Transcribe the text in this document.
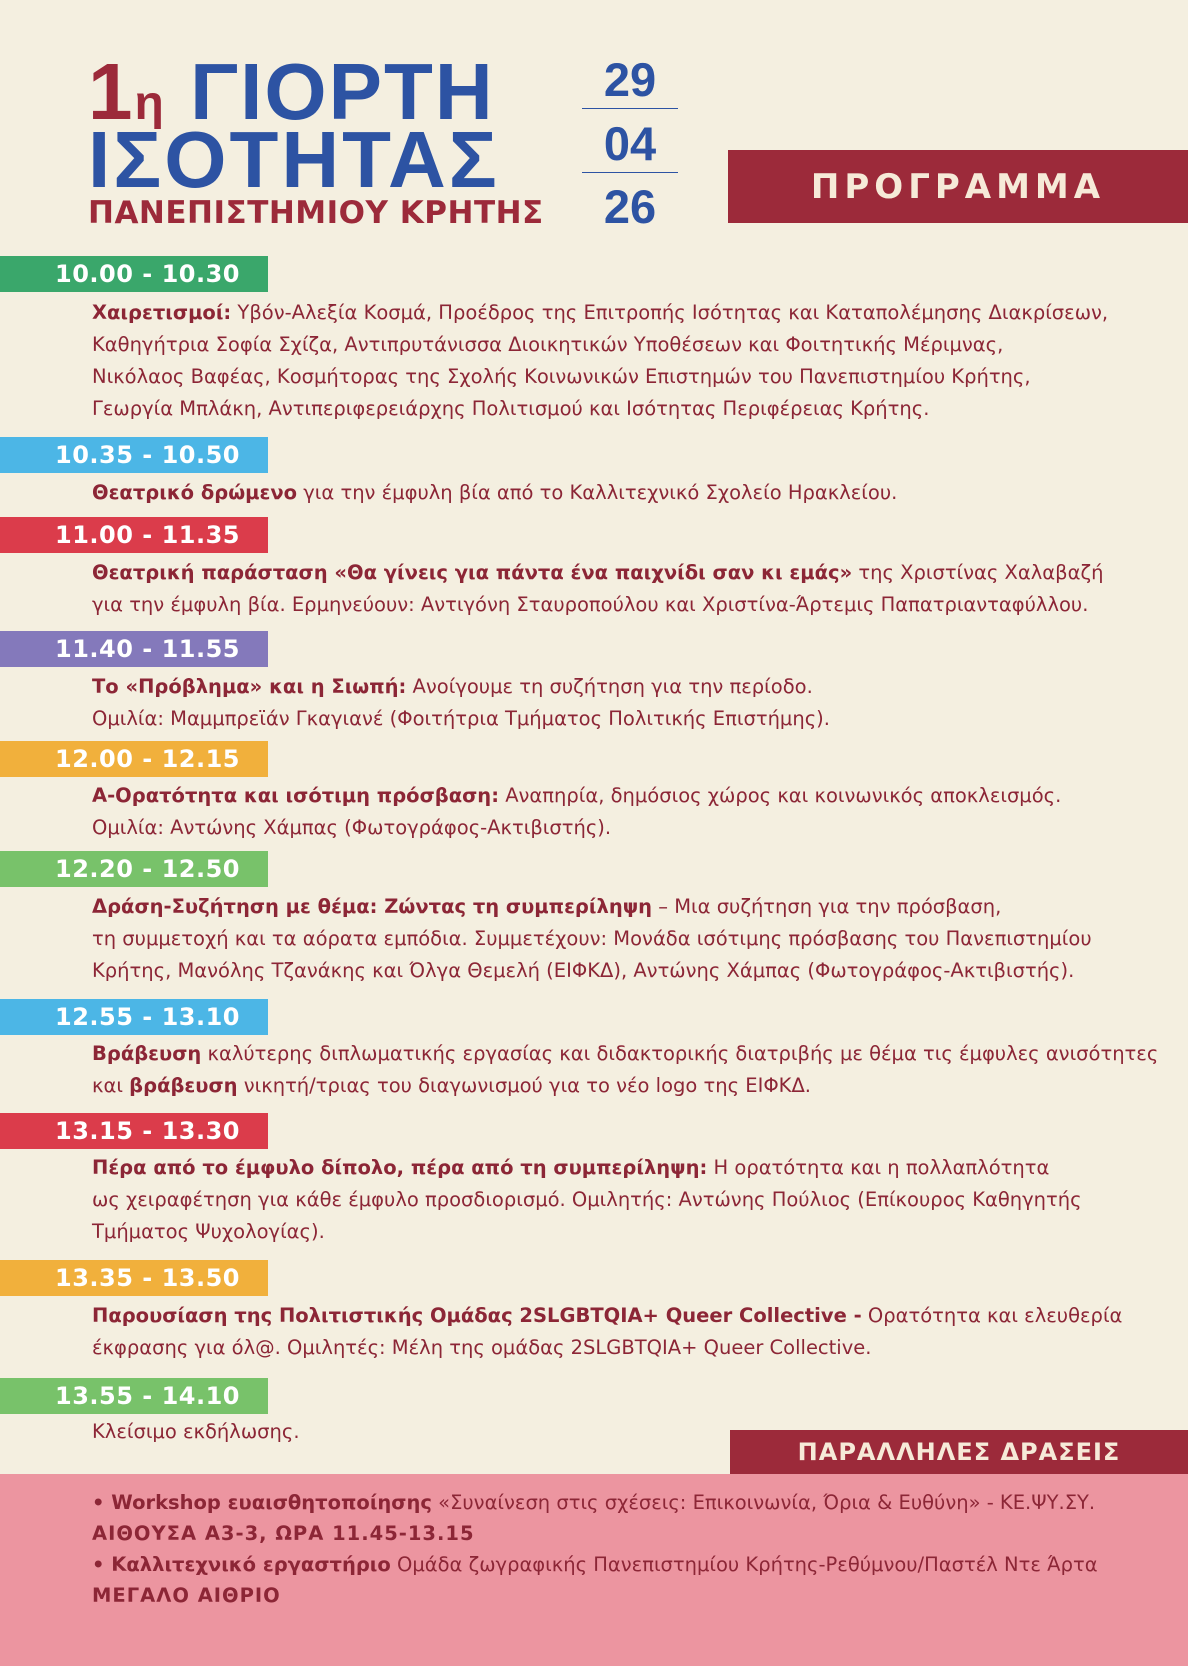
1η ΓΙΟΡΤΗ
ΙΣΟΤΗΤΑΣ
ΠΑΝΕΠΙΣΤΗΜΙΟΥ ΚΡΗΤΗΣ
29
04
26	ΠΡΟΓΡΑΜΜΑ
10.00 - 10.30
Χαιρετισμοί: Υβόν-Αλεξία Κοσμά, Προέδρος της Επιτροπής Ισότητας και Καταπολέμησης Διακρίσεων,
Καθηγήτρια Σοφία Σχίζα, Αντιπρυτάνισσα Διοικητικών Υποθέσεων και Φοιτητικής Μέριμνας,
Νικόλαος Βαφέας, Κοσμήτορας της Σχολής Κοινωνικών Επιστημών του Πανεπιστημίου Κρήτης,
Γεωργία Μπλάκη, Αντιπεριφερειάρχης Πολιτισμού και Ισότητας Περιφέρειας Κρήτης.
10.35 - 10.50
Θεατρικό δρώμενο για την έμφυλη βία από το Καλλιτεχνικό Σχολείο Ηρακλείου.
11.00 - 11.35
Θεατρική παράσταση «Θα γίνεις για πάντα ένα παιχνίδι σαν κι εμάς» της Χριστίνας Χαλαβαζή
για την έμφυλη βία. Ερμηνεύουν: Αντιγόνη Σταυροπούλου και Χριστίνα-Άρτεμις Παπατριανταφύλλου.
11.40 - 11.55
Το «Πρόβλημα» και η Σιωπή: Ανοίγουμε τη συζήτηση για την περίοδο.
Ομιλία: Μαμμπρεϊάν Γκαγιανέ (Φοιτήτρια Τμήματος Πολιτικής Επιστήμης).
12.00 - 12.15
Α-Ορατότητα και ισότιμη πρόσβαση: Αναπηρία, δημόσιος χώρος και κοινωνικός αποκλεισμός.
Ομιλία: Αντώνης Χάμπας (Φωτογράφος-Ακτιβιστής).
12.20 - 12.50
Δράση-Συζήτηση με θέμα: Ζώντας τη συμπερίληψη – Μια συζήτηση για την πρόσβαση,
τη συμμετοχή και τα αόρατα εμπόδια. Συμμετέχουν: Μονάδα ισότιμης πρόσβασης του Πανεπιστημίου
Κρήτης, Μανόλης Τζανάκης και Όλγα Θεμελή (ΕΙΦΚΔ), Αντώνης Χάμπας (Φωτογράφος-Ακτιβιστής).
12.55 - 13.10
Βράβευση καλύτερης διπλωματικής εργασίας και διδακτορικής διατριβής με θέμα τις έμφυλες ανισότητες
και βράβευση νικητή/τριας του διαγωνισμού για το νέο logo της ΕΙΦΚΔ.
13.15 - 13.30
Πέρα από το έμφυλο δίπολο, πέρα από τη συμπερίληψη: Η ορατότητα και η πολλαπλότητα
ως χειραφέτηση για κάθε έμφυλο προσδιορισμό. Ομιλητής: Αντώνης Πούλιος (Επίκουρος Καθηγητής
Τμήματος Ψυχολογίας).
13.35 - 13.50
Παρουσίαση της Πολιτιστικής Ομάδας 2SLGBTQIA+ Queer Collective - Ορατότητα και ελευθερία
έκφρασης για όλ@. Ομιλητές: Μέλη της ομάδας 2SLGBTQIA+ Queer Collective.
13.55 - 14.10
Κλείσιμο εκδήλωσης.
ΠΑΡΑΛΛΗΛΕΣ ΔΡΑΣΕΙΣ
• Workshop ευαισθητοποίησης «Συναίνεση στις σχέσεις: Επικοινωνία, Όρια & Ευθύνη» - ΚΕ.ΨΥ.ΣΥ.
ΑΙΘΟΥΣΑ Α3-3, ΩΡΑ 11.45-13.15
• Καλλιτεχνικό εργαστήριο Ομάδα ζωγραφικής Πανεπιστημίου Κρήτης-Ρεθύμνου/Παστέλ Ντε Άρτα
ΜΕΓΑΛΟ ΑΙΘΡΙΟ
